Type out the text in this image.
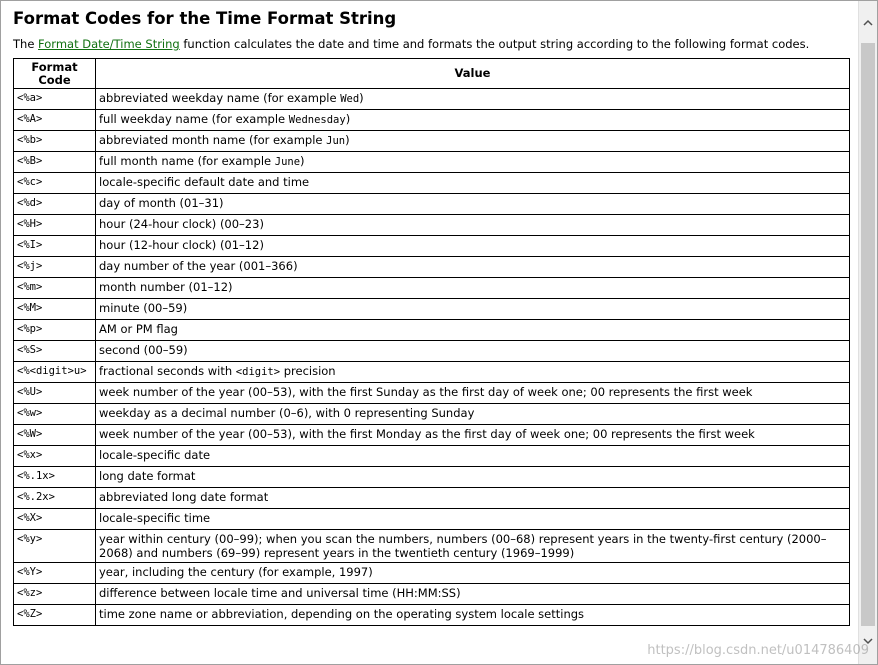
Format Codes for the Time Format String
The Format Date/Time String function calculates the date and time and formats the output string according to the following format codes.
Format Code	Value
<%a>	abbreviated weekday name (for example Wed)
<%A>	full weekday name (for example Wednesday)
<%b>	abbreviated month name (for example Jun)
<%B>	full month name (for example June)
<%c>	locale-specific default date and time
<%d>	day of month (01–31)
<%H>	hour (24-hour clock) (00–23)
<%I>	hour (12-hour clock) (01–12)
<%j>	day number of the year (001–366)
<%m>	month number (01–12)
<%M>	minute (00–59)
<%p>	AM or PM flag
<%S>	second (00–59)
<%<digit>u>	fractional seconds with <digit> precision
<%U>	week number of the year (00–53), with the first Sunday as the first day of week one; 00 represents the first week
<%w>	weekday as a decimal number (0–6), with 0 representing Sunday
<%W>	week number of the year (00–53), with the first Monday as the first day of week one; 00 represents the first week
<%x>	locale-specific date
<%.1x>	long date format
<%.2x>	abbreviated long date format
<%X>	locale-specific time
<%y>	year within century (00–99); when you scan the numbers, numbers (00–68) represent years in the twenty-first century (2000–2068) and numbers (69–99) represent years in the twentieth century (1969–1999)
<%Y>	year, including the century (for example, 1997)
<%z>	difference between locale time and universal time (HH:MM:SS)
<%Z>	time zone name or abbreviation, depending on the operating system locale settings
https://blog.csdn.net/u014786409
